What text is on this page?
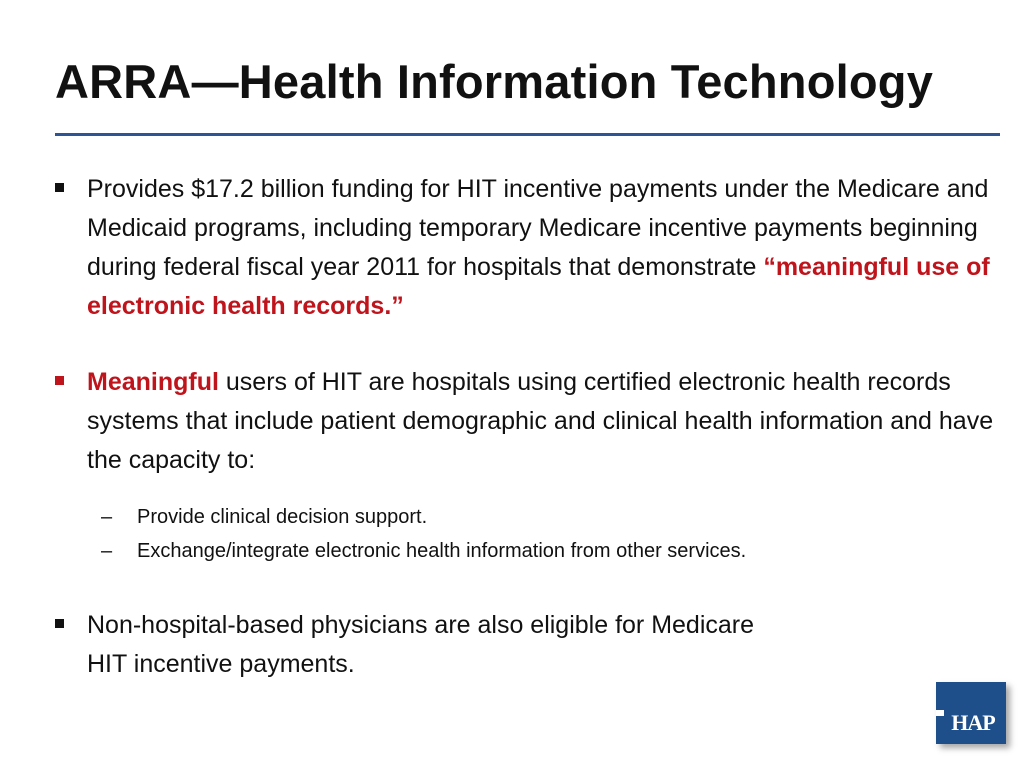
ARRA—Health Information Technology
Provides $17.2 billion funding for HIT incentive payments under the Medicare and Medicaid programs, including temporary Medicare incentive payments beginning during federal fiscal year 2011 for hospitals that demonstrate “meaningful use of electronic health records.”
Meaningful users of HIT are hospitals using certified electronic health records systems that include patient demographic and clinical health information and have the capacity to:
– Provide clinical decision support.
– Exchange/integrate electronic health information from other services.
Non-hospital-based physicians are also eligible for Medicare
HIT incentive payments.
HAP
